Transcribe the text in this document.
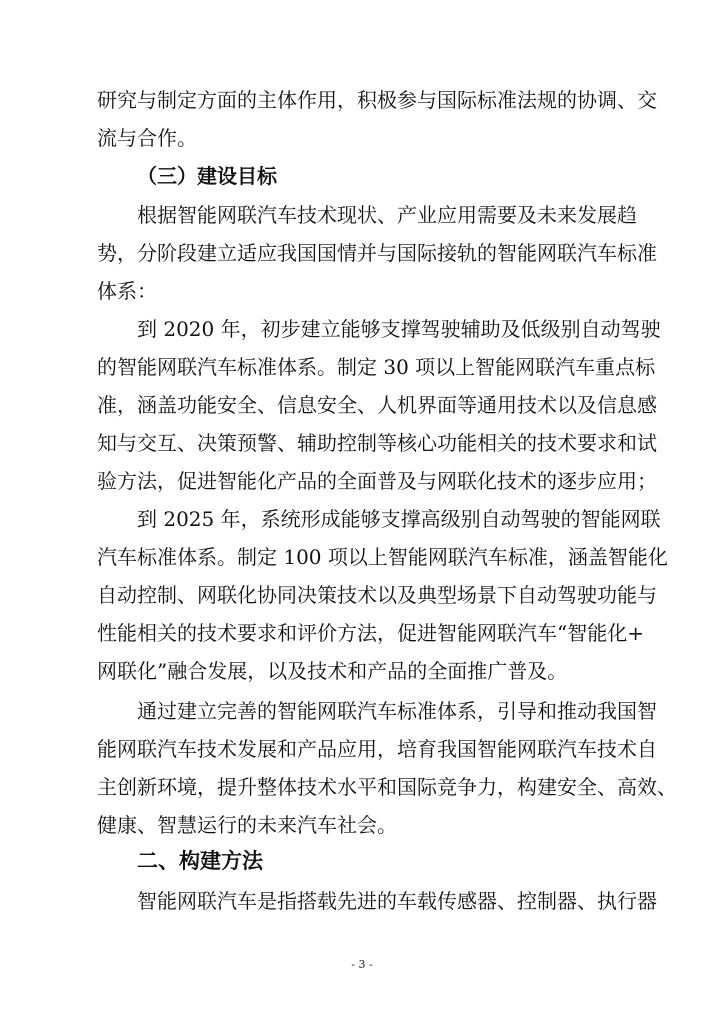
研究与制定方面的主体作用，积极参与国际标准法规的协调、交
流与合作。
（三）建设目标
根据智能网联汽车技术现状、产业应用需要及未来发展趋
势，分阶段建立适应我国国情并与国际接轨的智能网联汽车标准
体系：
到 2020 年，初步建立能够支撑驾驶辅助及低级别自动驾驶
的智能网联汽车标准体系。制定 30 项以上智能网联汽车重点标
准，涵盖功能安全、信息安全、人机界面等通用技术以及信息感
知与交互、决策预警、辅助控制等核心功能相关的技术要求和试
验方法，促进智能化产品的全面普及与网联化技术的逐步应用；
到 2025 年，系统形成能够支撑高级别自动驾驶的智能网联
汽车标准体系。制定 100 项以上智能网联汽车标准，涵盖智能化
自动控制、网联化协同决策技术以及典型场景下自动驾驶功能与
性能相关的技术要求和评价方法，促进智能网联汽车“智能化+
网联化”融合发展，以及技术和产品的全面推广普及。
通过建立完善的智能网联汽车标准体系，引导和推动我国智
能网联汽车技术发展和产品应用，培育我国智能网联汽车技术自
主创新环境，提升整体技术水平和国际竞争力，构建安全、高效、
健康、智慧运行的未来汽车社会。
二、构建方法
智能网联汽车是指搭载先进的车载传感器、控制器、执行器
- 3 -
